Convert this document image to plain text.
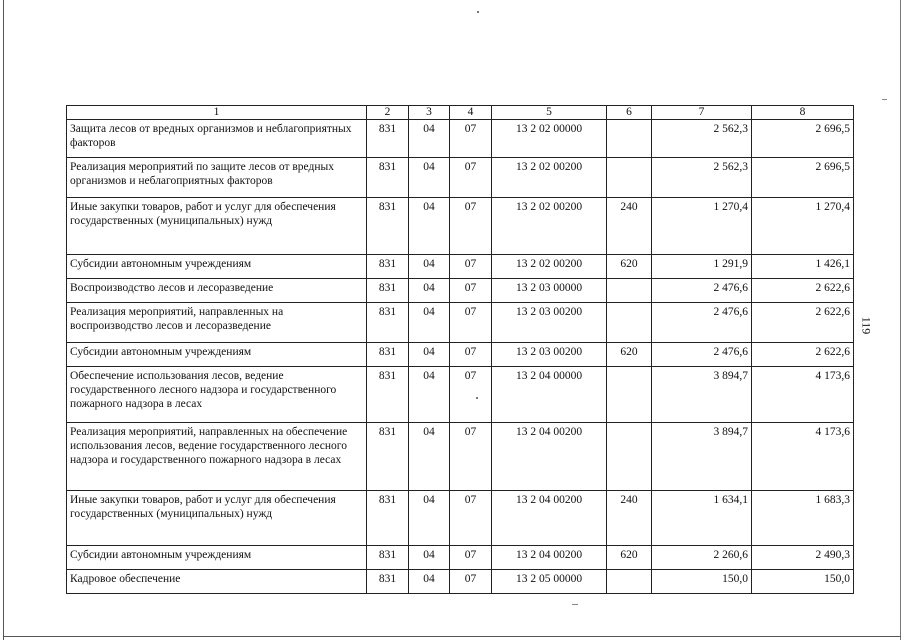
1	2	3	4	5	6	7	8
Защита лесов от вредных организмов и неблагоприятных факторов	831	04	07	13 2 02 00000		2 562,3	2 696,5
Реализация мероприятий по защите лесов от вредных организмов и неблагоприятных факторов	831	04	07	13 2 02 00200		2 562,3	2 696,5
Иные закупки товаров, работ и услуг для обеспечения государственных (муниципальных) нужд	831	04	07	13 2 02 00200	240	1 270,4	1 270,4
Субсидии автономным учреждениям	831	04	07	13 2 02 00200	620	1 291,9	1 426,1
Воспроизводство лесов и лесоразведение	831	04	07	13 2 03 00000		2 476,6	2 622,6
Реализация мероприятий, направленных на воспроизводство лесов и лесоразведение	831	04	07	13 2 03 00200		2 476,6	2 622,6
Субсидии автономным учреждениям	831	04	07	13 2 03 00200	620	2 476,6	2 622,6
Обеспечение использования лесов, ведение государственного лесного надзора и государственного пожарного надзора в лесах	831	04	07	13 2 04 00000		3 894,7	4 173,6
Реализация мероприятий, направленных на обеспечение использования лесов, ведение государственного лесного надзора и государственного пожарного надзора в лесах	831	04	07	13 2 04 00200		3 894,7	4 173,6
Иные закупки товаров, работ и услуг для обеспечения государственных (муниципальных) нужд	831	04	07	13 2 04 00200	240	1 634,1	1 683,3
Субсидии автономным учреждениям	831	04	07	13 2 04 00200	620	2 260,6	2 490,3
Кадровое обеспечение	831	04	07	13 2 05 00000		150,0	150,0
119
